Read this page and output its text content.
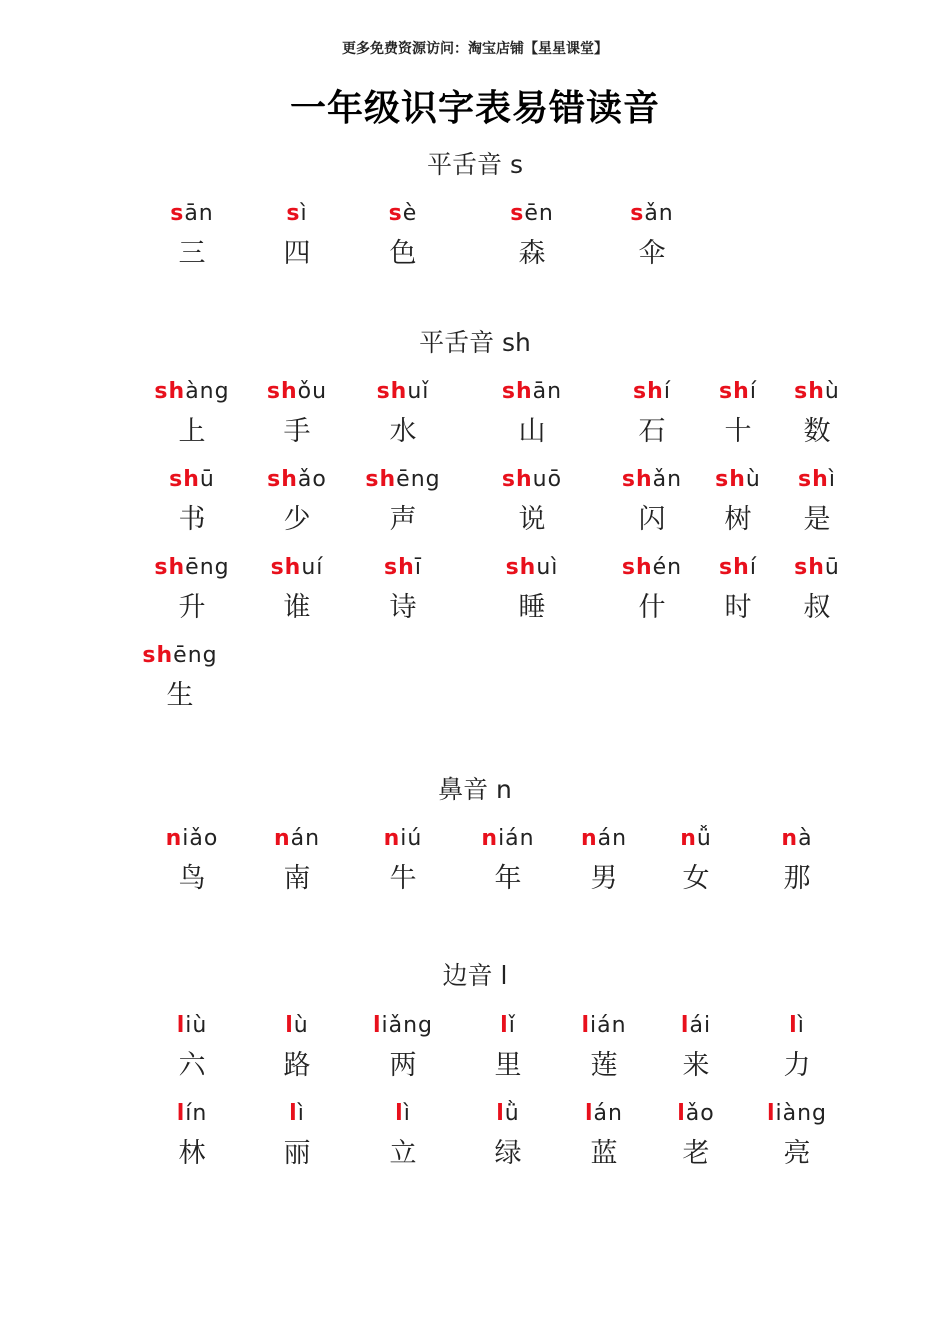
更多免费资源访问：淘宝店铺【星星课堂】
一年级识字表易错读音
平舌音 s
sān
三
sì
四
sè
色
sēn
森
sǎn
伞
平舌音 sh
shàng
上
shǒu
手
shuǐ
水
shān
山
shí
石
shí
十
shù
数
shū
书
shǎo
少
shēng
声
shuō
说
shǎn
闪
shù
树
shì
是
shēng
升
shuí
谁
shī
诗
shuì
睡
shén
什
shí
时
shū
叔
shēng
生
鼻音 n
niǎo
鸟
nán
南
niú
牛
nián
年
nán
男
nǚ
女
nà
那
边音 l
liù
六
lù
路
liǎng
两
lǐ
里
lián
莲
lái
来
lì
力
lín
林
lì
丽
lì
立
lǜ
绿
lán
蓝
lǎo
老
liàng
亮
